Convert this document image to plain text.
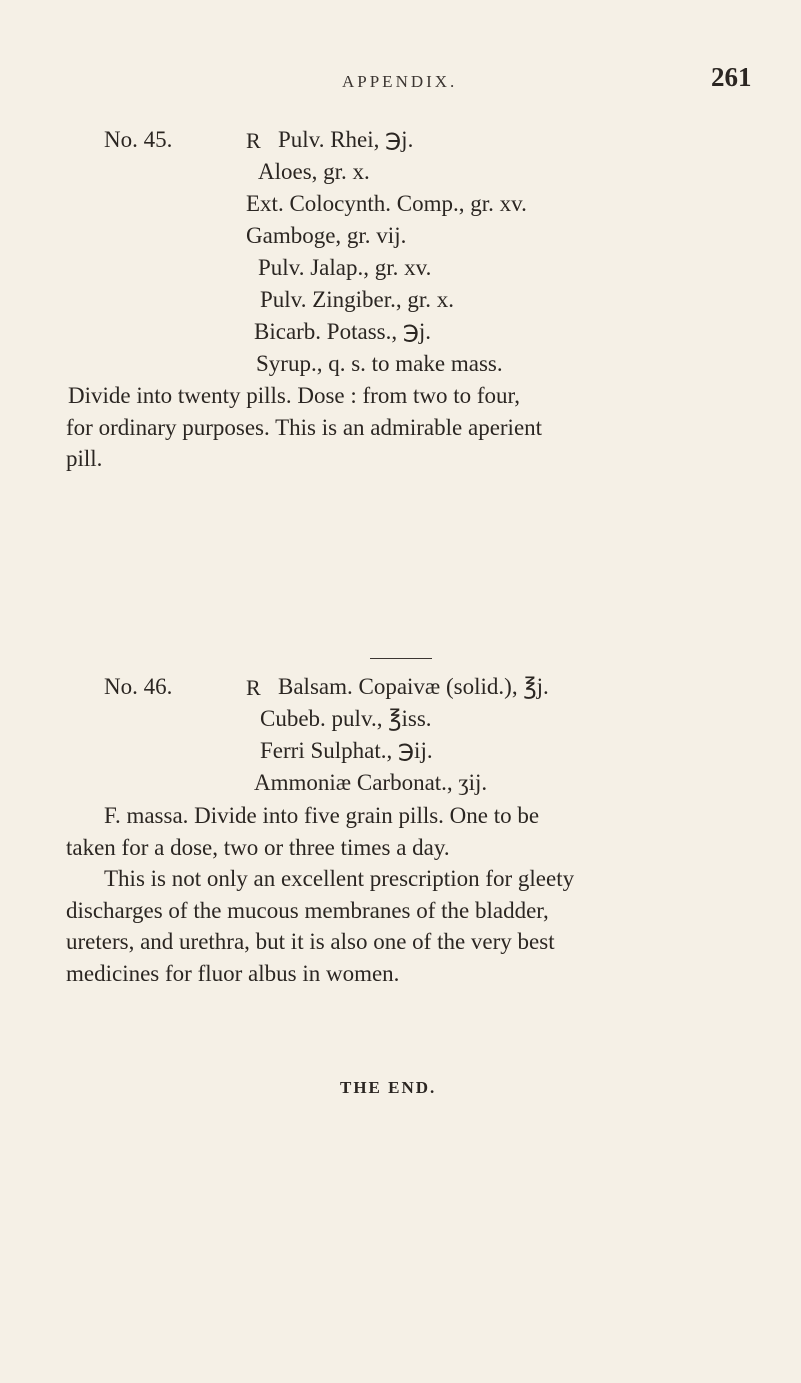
APPENDIX.	261
No. 45.	R Pulv. Rhei, ℈j.
Aloes, gr. x.
Ext. Colocynth. Comp., gr. xv.
Gamboge, gr. vij.
Pulv. Jalap., gr. xv.
Pulv. Zingiber., gr. x.
Bicarb. Potass., ℈j.
Syrup., q. s. to make mass.
Divide into twenty pills. Dose : from two to four,
for ordinary purposes. This is an admirable aperient
pill.
No. 46.	R Balsam. Copaivæ (solid.), ℥j.
Cubeb. pulv., ℥iss.
Ferri Sulphat., ℈ij.
Ammoniæ Carbonat., ʒij.
F. massa. Divide into five grain pills. One to be
taken for a dose, two or three times a day.
This is not only an excellent prescription for gleety
discharges of the mucous membranes of the bladder,
ureters, and urethra, but it is also one of the very best
medicines for fluor albus in women.
THE END.
